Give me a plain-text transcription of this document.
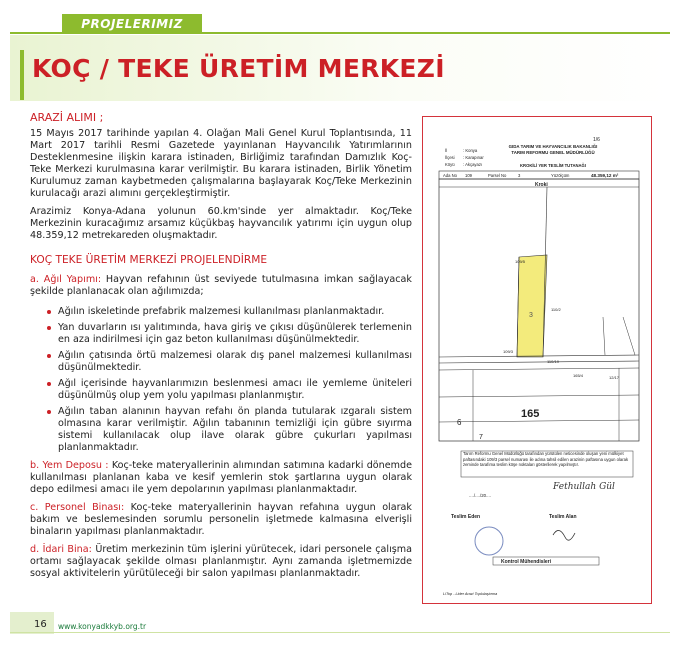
PROJELERIMIZ
KOÇ / TEKE ÜRETİM MERKEZİ
ARAZİ ALIMI ;

15 Mayıs 2017 tarihinde yapılan 4. Olağan Mali Genel Kurul Toplantısında, 11 Mart 2017 tarihli Resmi Gazetede yayınlanan Hayvancılık Yatırımlarının Desteklenmesine ilişkin karara istinaden, Birliğimiz tarafından Damızlık Koç-Teke Merkezi kurulmasına karar verilmiştir. Bu karara istinaden, Birlik Yönetim Kurulumuz zaman kaybetmeden çalışmalarına başlayarak Koç/Teke Merkezinin kurulacağı arazi alımını gerçekleştirmiştir.

Arazimiz Konya-Adana yolunun 60.km'sinde yer almaktadır. Koç/Teke Merkezinin kuracağımız arsamız küçükbaş hayvancılık yatırımı için uygun olup 48.359,12 metrekareden oluşmaktadır.

KOÇ TEKE ÜRETİM MERKEZİ PROJELENDİRME
a. Ağıl Yapımı: Hayvan refahının üst seviyede tutulmasına imkan sağlayacak şekilde planlanacak olan ağılımızda;
Ağılın iskeletinde prefabrik malzemesi kullanılması planlanmaktadır.
Yan duvarların ısı yalıtımında, hava giriş ve çıkısı düşünülerek terlemenin en aza indirilmesi için gaz beton kullanılması düşünülmektedir.
Ağılın çatısında örtü malzemesi olarak dış panel malzemesi kullanılması düşünülmektedir.
Ağıl içerisinde hayvanlarımızın beslenmesi amacı ile yemleme üniteleri düşünülmüş olup yem yolu yapılması planlanmıştır.
Ağılın taban alanının hayvan refahı ön planda tutularak ızgaralı sistem olmasına karar verilmiştir. Ağılın tabanının temizliği için gübre sıyırma sistemi kullanılacak olup ilave olarak gübre çukurları yapılması planlanmaktadır.
b. Yem Deposu : Koç-teke materyallerinin alımından satımına kadarki dönemde kullanılması planlanan kaba ve kesif yemlerin stok şartlarına uygun olarak depo edilmesi amacı ile yem depolarının yapılması planlanmaktadır.
c. Personel Binası: Koç-teke materyallerinin hayvan refahına uygun olarak bakım ve beslemesinden sorumlu personelin işletmede kalmasına elverişli binaların yapılması planlanmaktadır.
d. İdari Bina: Üretim merkezinin tüm işlerini yürütecek, idari personele çalışma ortamı sağlayacak şekilde olması planlanmıştır. Aynı zamanda işletmemizde sosyal aktivitelerin yürütüleceği bir salon yapılması planlanmaktadır.
1/6
GIDA TARIM VE HAYVANCILIK BAKANLIĞI
TARIM REFORMU GENEL MÜDÜRLÜĞÜ
İl	: Konya
İlçesi : Karapınar
Köyü : Akçayazı	KROKİLİ YER TESLİM TUTANAĞI
Ada No 109	Parsel No	3	Yüzölçüm	48.359,12 m²
Kroki
109/5
3
110/2
109/3
110/19
165
6
7
165/4	12/17
Tarım Reformu Genel Müdürlüğü tarafından yürütülen neticesinde oluşan yeni mülkiyet paftasındaki 109/3 parsel numarası ile adına tahsil edilen arazinin paftasına uygun olarak zeminde tarafıma teslim köşe noktaları gösterilerek yapılmıştır.
..../..../20....
Fethullah Gül
Teslim Eden	Teslim Alan
Kontrol Mühendisleri
LiTop - Lider Arazi Toplulaştırma
16 www.konyadkkyb.org.tr
